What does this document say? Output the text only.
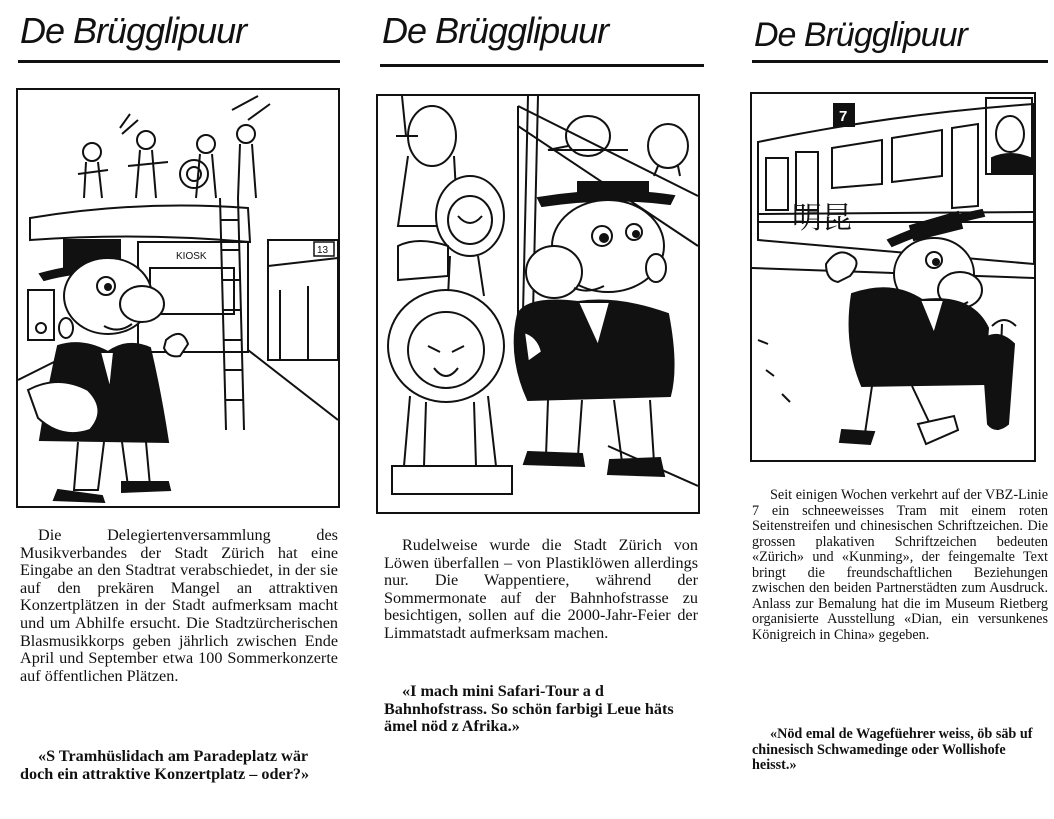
De Brügglipuur
KIOSK
13

Die Delegiertenversammlung des Musikverbandes der Stadt Zürich hat eine Eingabe an den Stadtrat verabschiedet, in der sie auf den prekären Mangel an attraktiven Konzertplätzen in der Stadt aufmerksam macht und um Abhilfe ersucht. Die Stadtzürcherischen Blasmusikkorps geben jährlich zwischen Ende April und September etwa 100 Sommerkonzerte auf öffentlichen Plätzen.

«S Tramhüslidach am Paradeplatz wär doch ein attraktive Konzertplatz – oder?»

De Brügglipuur

Rudelweise wurde die Stadt Zürich von Löwen überfallen – von Plastiklöwen allerdings nur. Die Wappentiere, während der Sommermonate auf der Bahnhofstrasse zu besichtigen, sollen auf die 2000-Jahr-Feier der Limmatstadt aufmerksam machen.

«I mach mini Safari-Tour a d Bahnhofstrass. So schön farbigi Leue häts ämel nöd z Afrika.»

De Brügglipuur
7
明昆

Seit einigen Wochen verkehrt auf der VBZ-Linie 7 ein schneeweisses Tram mit einem roten Seitenstreifen und chinesischen Schriftzeichen. Die grossen plakativen Schriftzeichen bedeuten «Zürich» und «Kunming», der feingemalte Text bringt die freundschaftlichen Beziehungen zwischen den beiden Partnerstädten zum Ausdruck. Anlass zur Bemalung hat die im Museum Rietberg organisierte Ausstellung «Dian, ein versunkenes Königreich in China» gegeben.

«Nöd emal de Wagefüehrer weiss, öb säb uf chinesisch Schwamedinge oder Wollishofe heisst.»
